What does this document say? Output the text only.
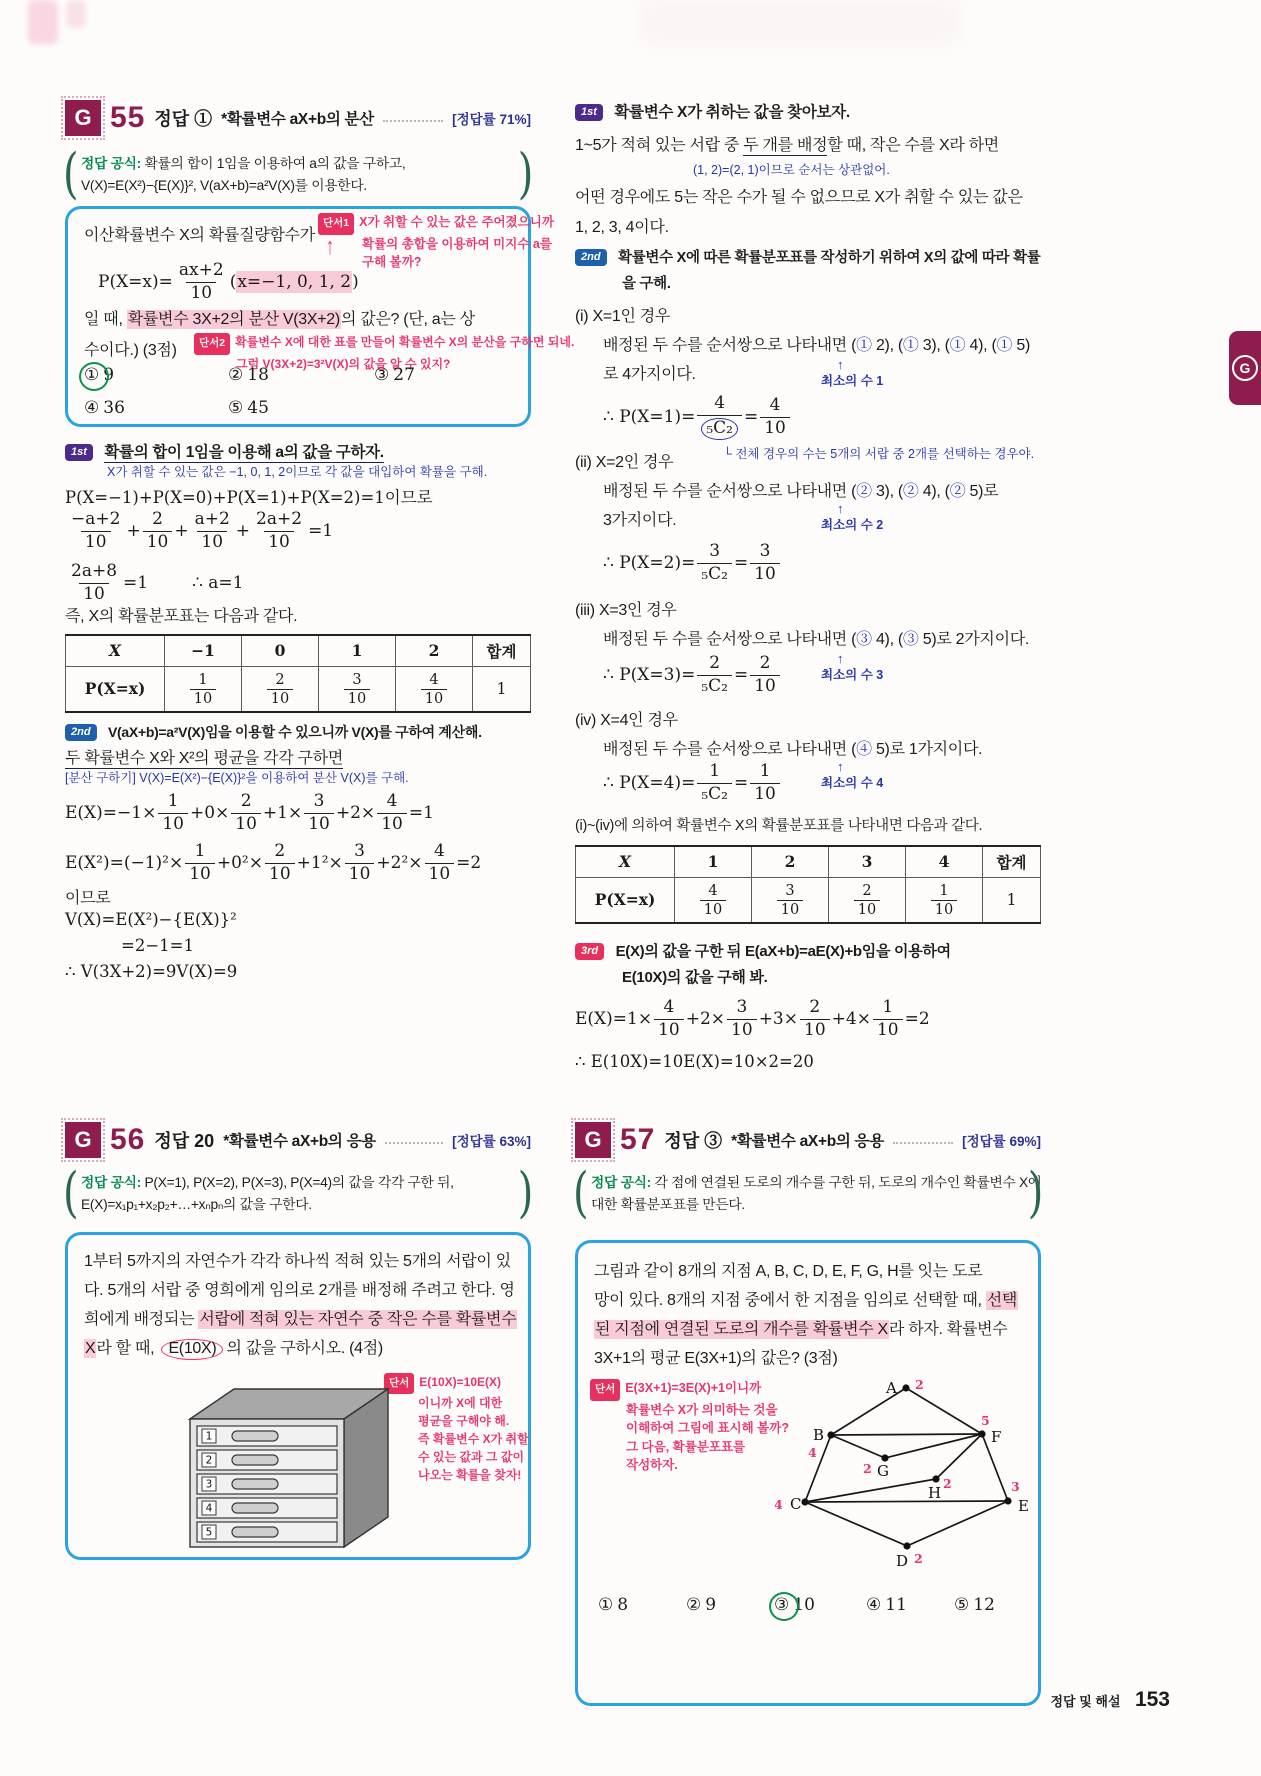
G 55 정답 ① *확률변수 aX+b의 분산	[정답률 71%]
( 정답 공식: 확률의 합이 1임을 이용하여 a의 값을 구하고,
V(X)=E(X²)−{E(X)}², V(aX+b)=a²V(X)를 이용한다.
)
이산확률변수 X의 확률질량함수가
단서1 X가 취할 수 있는 값은 주어졌으니까
확률의 총합을 이용하여 미지수 a를
구해 볼까?
↑
$P(X=x)= \frac{ax+2}{10}$ ( x=−1, 0, 1, 2 )
일 때, 확률변수 3X+2의 분산 V(3X+2)의 값은? (단, a는 상
수이다.) (3점)	단서2 확률변수 X에 대한 표를 만들어 확률변수 X의 분산을 구하면 되네.
그럼 V(3X+2)=3²V(X)의 값을 알 수 있지?
① 9	② 18	③ 27
④ 36	⑤ 45
1st 확률의 합이 1임을 이용해 a의 값을 구하자.
X가 취할 수 있는 값은 −1, 0, 1, 2이므로 각 값을 대입하여 확률을 구해.
P(X=−1)+P(X=0)+P(X=1)+P(X=2)=1이므로
−a+2
10
+ $\frac{2}{10} + \frac{a+2}{10} + \frac{2a+2}{10} =1$
$\frac{2a+8}{10} =1$	∴ a=1
즉, X의 확률분포표는 다음과 같다.
X	−1	0	1	2	합계
P(X=x)	$\frac{1}{10}$	$\frac{2}{10}$	$\frac{3}{10}$	$\frac{4}{10}$	1
2nd V(aX+b)=a²V(X)임을 이용할 수 있으니까 V(X)를 구하여 계산해.
두 확률변수 X와 X²의 평균을 각각 구하면
[분산 구하기] V(X)=E(X²)−{E(X)}²을 이용하여 분산 V(X)를 구해.
$E(X)=-1\times \frac{1}{10} +0\times \frac{2}{10} +1\times \frac{3}{10} +2\times \frac{4}{10} =1$
$E(X^2)=(-1)^2\times \frac{1}{10} +0^2\times \frac{2}{10} +1^2\times \frac{3}{10} +2^2\times \frac{4}{10} =2$
이므로
V(X)=E(X²)−{E(X)}²
=2−1=1
∴ V(3X+2)=9V(X)=9
G 56 정답 20 *확률변수 aX+b의 응용	[정답률 63%]
( 정답 공식: P(X=1), P(X=2), P(X=3), P(X=4)의 값을 각각 구한 뒤,
E(X)=x₁p₁+x₂p₂+…+xₙpₙ의 값을 구한다.
)
1부터 5까지의 자연수가 각각 하나씩 적혀 있는 5개의 서랍이 있
다. 5개의 서랍 중 영희에게 임의로 2개를 배정해 주려고 한다. 영
희에게 배정되는 서랍에 적혀 있는 자연수 중 작은 수를 확률변수
X라 할 때, E(10X) 의 값을 구하시오. (4점)
단서 E(10X)=10E(X)
이니까 X에 대한
평균을 구해야 해.
즉 확률변수 X가 취할
수 있는 값과 그 값이
나오는 확률을 찾자!
1
2
3
4
5
1st 확률변수 X가 취하는 값을 찾아보자.
1~5가 적혀 있는 서랍 중 두 개를 배정할 때, 작은 수를 X라 하면
(1, 2)=(2, 1)이므로 순서는 상관없어.
어떤 경우에도 5는 작은 수가 될 수 없으므로 X가 취할 수 있는 값은
1, 2, 3, 4이다.
2nd 확률변수 X에 따른 확률분포표를 작성하기 위하여 X의 값에 따라 확률
을 구해.
(i) X=1인 경우
배정된 두 수를 순서쌍으로 나타내면 (① 2), (① 3), (① 4), (① 5)
로 4가지이다.	↑ 최소의 수 1
∴ $P(X=1)= \frac{4}{\text{₅C₂}} = \frac{4}{10}$
└ 전체 경우의 수는 5개의 서랍 중 2개를 선택하는 경우야.
(ii) X=2인 경우
배정된 두 수를 순서쌍으로 나타내면 (② 3), (② 4), (② 5)로
3가지이다.	↑ 최소의 수 2
∴ $P(X=2)= \frac{3}{\text{₅C₂}} = \frac{3}{10}$
(iii) X=3인 경우
배정된 두 수를 순서쌍으로 나타내면 (③ 4), (③ 5)로 2가지이다.
↑ 최소의 수 3
∴ $P(X=3)= \frac{2}{\text{₅C₂}} = \frac{2}{10}$
(iv) X=4인 경우
배정된 두 수를 순서쌍으로 나타내면 (④ 5)로 1가지이다.
↑ 최소의 수 4
∴ $P(X=4)= \frac{1}{\text{₅C₂}} = \frac{1}{10}$
(i)~(iv)에 의하여 확률변수 X의 확률분포표를 나타내면 다음과 같다.
X	1	2	3	4	합계
P(X=x)	$\frac{4}{10}$	$\frac{3}{10}$	$\frac{2}{10}$	$\frac{1}{10}$	1
3rd E(X)의 값을 구한 뒤 E(aX+b)=aE(X)+b임을 이용하여
E(10X)의 값을 구해 봐.
$E(X)=1\times \frac{4}{10} +2\times \frac{3}{10} +3\times \frac{2}{10} +4\times \frac{1}{10} =2$
∴ E(10X)=10E(X)=10×2=20
G 57 정답 ③ *확률변수 aX+b의 응용	[정답률 69%]
( 정답 공식: 각 점에 연결된 도로의 개수를 구한 뒤, 도로의 개수인 확률변수 X에
대한 확률분포표를 만든다.
)
그림과 같이 8개의 지점 A, B, C, D, E, F, G, H를 잇는 도로
망이 있다. 8개의 지점 중에서 한 지점을 임의로 선택할 때, 선택
된 지점에 연결된 도로의 개수를 확률변수 X라 하자. 확률변수
3X+1의 평균 E(3X+1)의 값은? (3점)
단서 E(3X+1)=3E(X)+1이니까
확률변수 X가 의미하는 것을
이해하여 그림에 표시해 볼까?
그 다음, 확률분포표를
작성하자.
A 2
B
4
F
5
G
2
H
2
C
4	E
3
D 2
① 8	② 9	③ 10	④ 11	⑤ 12
정답 및 해설 153
G
